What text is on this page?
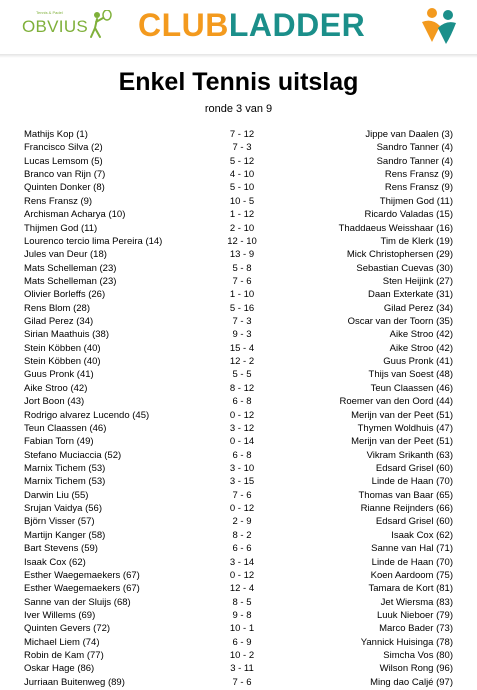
Tennis & Padel
OBVIUS CLUBLADDER
Enkel Tennis uitslag
ronde 3 van 9
Mathijs Kop (1)	7 - 12	Jippe van Daalen (3)
Francisco Silva (2)	7 - 3	Sandro Tanner (4)
Lucas Lemsom (5)	5 - 12	Sandro Tanner (4)
Branco van Rijn (7)	4 - 10	Rens Fransz (9)
Quinten Donker (8)	5 - 10	Rens Fransz (9)
Rens Fransz (9)	10 - 5	Thijmen God (11)
Archisman Acharya (10)	1 - 12	Ricardo Valadas (15)
Thijmen God (11)	2 - 10	Thaddaeus Weisshaar (16)
Lourenco tercio lima Pereira (14)	12 - 10	Tim de Klerk (19)
Jules van Deur (18)	13 - 9	Mick Christophersen (29)
Mats Schelleman (23)	5 - 8	Sebastian Cuevas (30)
Mats Schelleman (23)	7 - 6	Sten Heijink (27)
Olivier Borleffs (26)	1 - 10	Daan Exterkate (31)
Rens Blom (28)	5 - 16	Gilad Perez (34)
Gilad Perez (34)	7 - 3	Oscar van der Toorn (35)
Sirian Maathuis (38)	9 - 3	Aike Stroo (42)
Stein Köbben (40)	15 - 4	Aike Stroo (42)
Stein Köbben (40)	12 - 2	Guus Pronk (41)
Guus Pronk (41)	5 - 5	Thijs van Soest (48)
Aike Stroo (42)	8 - 12	Teun Claassen (46)
Jort Boon (43)	6 - 8	Roemer van den Oord (44)
Rodrigo alvarez Lucendo (45)	0 - 12	Merijn van der Peet (51)
Teun Claassen (46)	3 - 12	Thymen Woldhuis (47)
Fabian Torn (49)	0 - 14	Merijn van der Peet (51)
Stefano Muciaccia (52)	6 - 8	Vikram Srikanth (63)
Marnix Tichem (53)	3 - 10	Edsard Grisel (60)
Marnix Tichem (53)	3 - 15	Linde de Haan (70)
Darwin Liu (55)	7 - 6	Thomas van Baar (65)
Srujan Vaidya (56)	0 - 12	Rianne Reijnders (66)
Björn Visser (57)	2 - 9	Edsard Grisel (60)
Martijn Kanger (58)	8 - 2	Isaak Cox (62)
Bart Stevens (59)	6 - 6	Sanne van Hal (71)
Isaak Cox (62)	3 - 14	Linde de Haan (70)
Esther Waegemaekers (67)	0 - 12	Koen Aardoom (75)
Esther Waegemaekers (67)	12 - 4	Tamara de Kort (81)
Sanne van der Sluijs (68)	8 - 5	Jet Wiersma (83)
Iver Willems (69)	9 - 8	Luuk Nieboer (79)
Quinten Gevers (72)	10 - 1	Marco Bader (73)
Michael Liem (74)	6 - 9	Yannick Huisinga (78)
Robin de Kam (77)	10 - 2	Simcha Vos (80)
Oskar Hage (86)	3 - 11	Wilson Rong (96)
Jurriaan Buitenweg (89)	7 - 6	Ming dao Caljé (97)
